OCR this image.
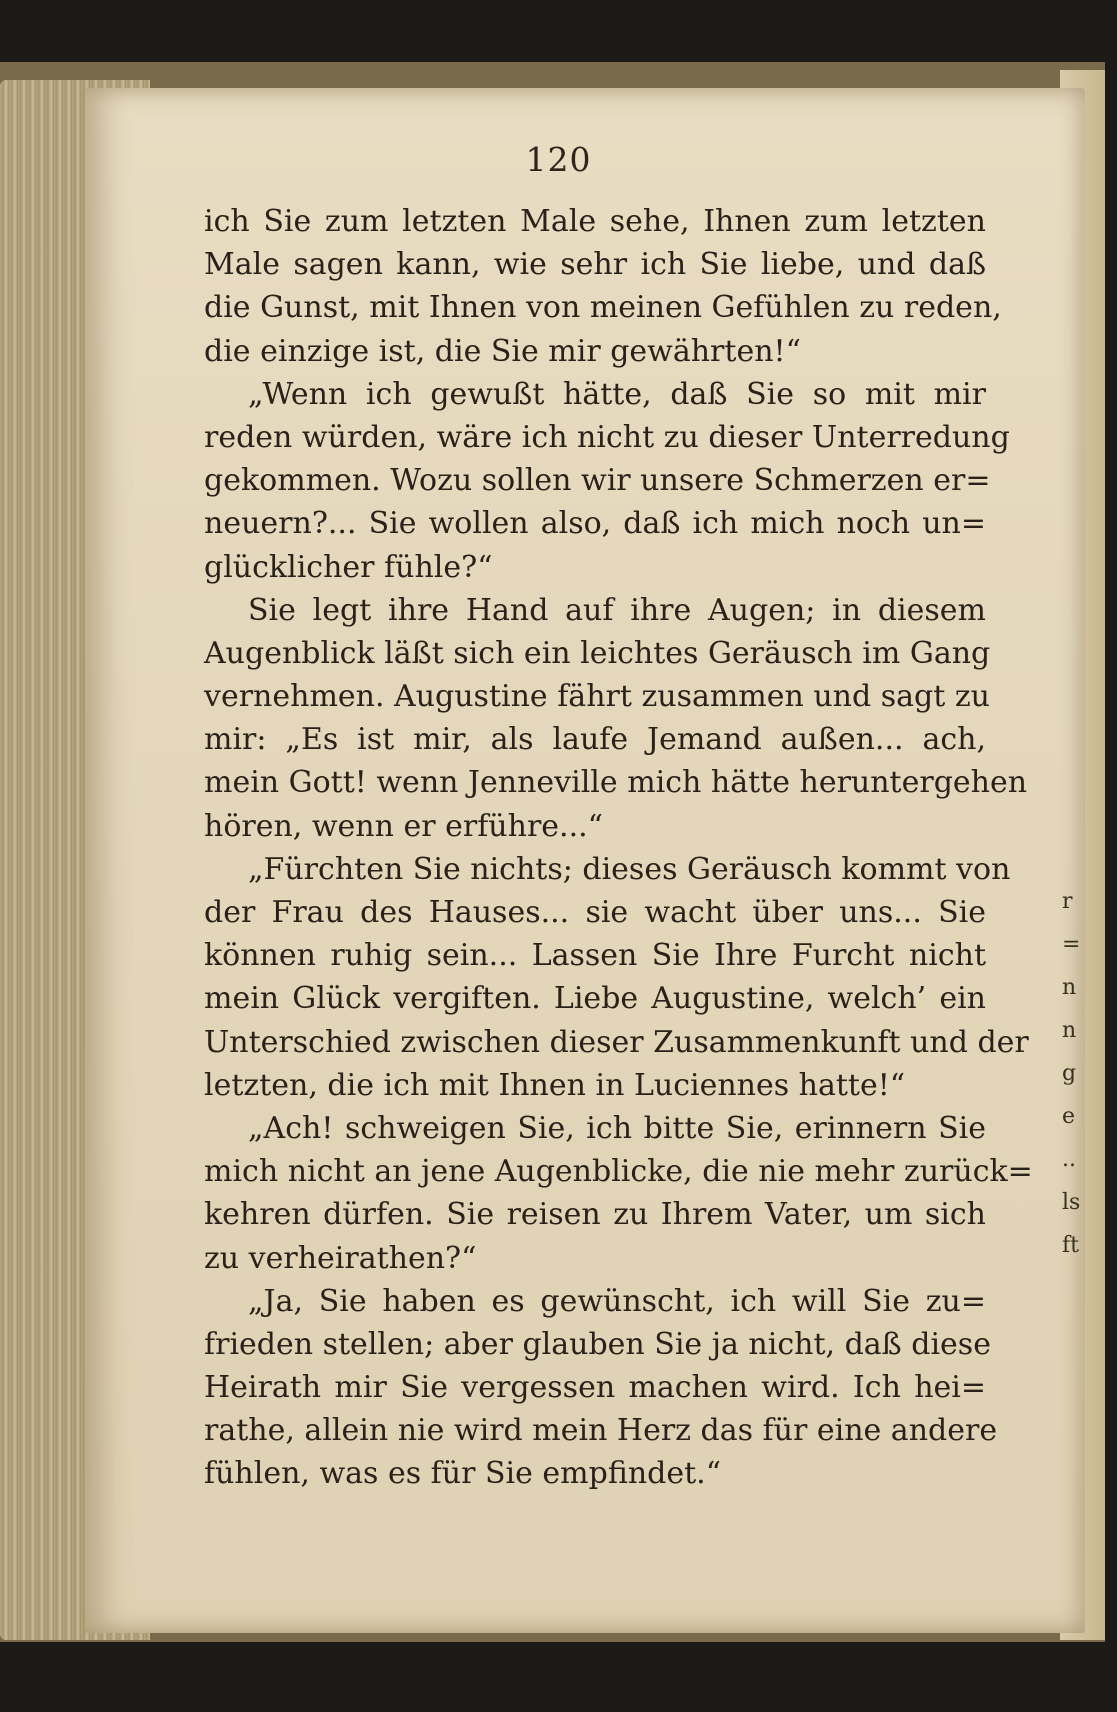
120
ich Sie zum letzten Male sehe, Ihnen zum letzten
Male sagen kann, wie sehr ich Sie liebe, und daß
die Gunst, mit Ihnen von meinen Gefühlen zu reden,
die einzige ist, die Sie mir gewährten!“
„Wenn ich gewußt hätte, daß Sie so mit mir
reden würden, wäre ich nicht zu dieser Unterredung
gekommen. Wozu sollen wir unsere Schmerzen er=
neuern?... Sie wollen also, daß ich mich noch un=
glücklicher fühle?“
Sie legt ihre Hand auf ihre Augen; in diesem
Augenblick läßt sich ein leichtes Geräusch im Gang
vernehmen. Augustine fährt zusammen und sagt zu
mir: „Es ist mir, als laufe Jemand außen... ach,
mein Gott! wenn Jenneville mich hätte heruntergehen
hören, wenn er erführe...“
„Fürchten Sie nichts; dieses Geräusch kommt von
der Frau des Hauses... sie wacht über uns... Sie
können ruhig sein... Lassen Sie Ihre Furcht nicht
mein Glück vergiften. Liebe Augustine, welch’ ein
Unterschied zwischen dieser Zusammenkunft und der
letzten, die ich mit Ihnen in Luciennes hatte!“
„Ach! schweigen Sie, ich bitte Sie, erinnern Sie
mich nicht an jene Augenblicke, die nie mehr zurück=
kehren dürfen. Sie reisen zu Ihrem Vater, um sich
zu verheirathen?“
„Ja, Sie haben es gewünscht, ich will Sie zu=
frieden stellen; aber glauben Sie ja nicht, daß diese
Heirath mir Sie vergessen machen wird. Ich hei=
rathe, allein nie wird mein Herz das für eine andere
fühlen, was es für Sie empfindet.“
r
=
n
n
g
e
..
ls
ft
